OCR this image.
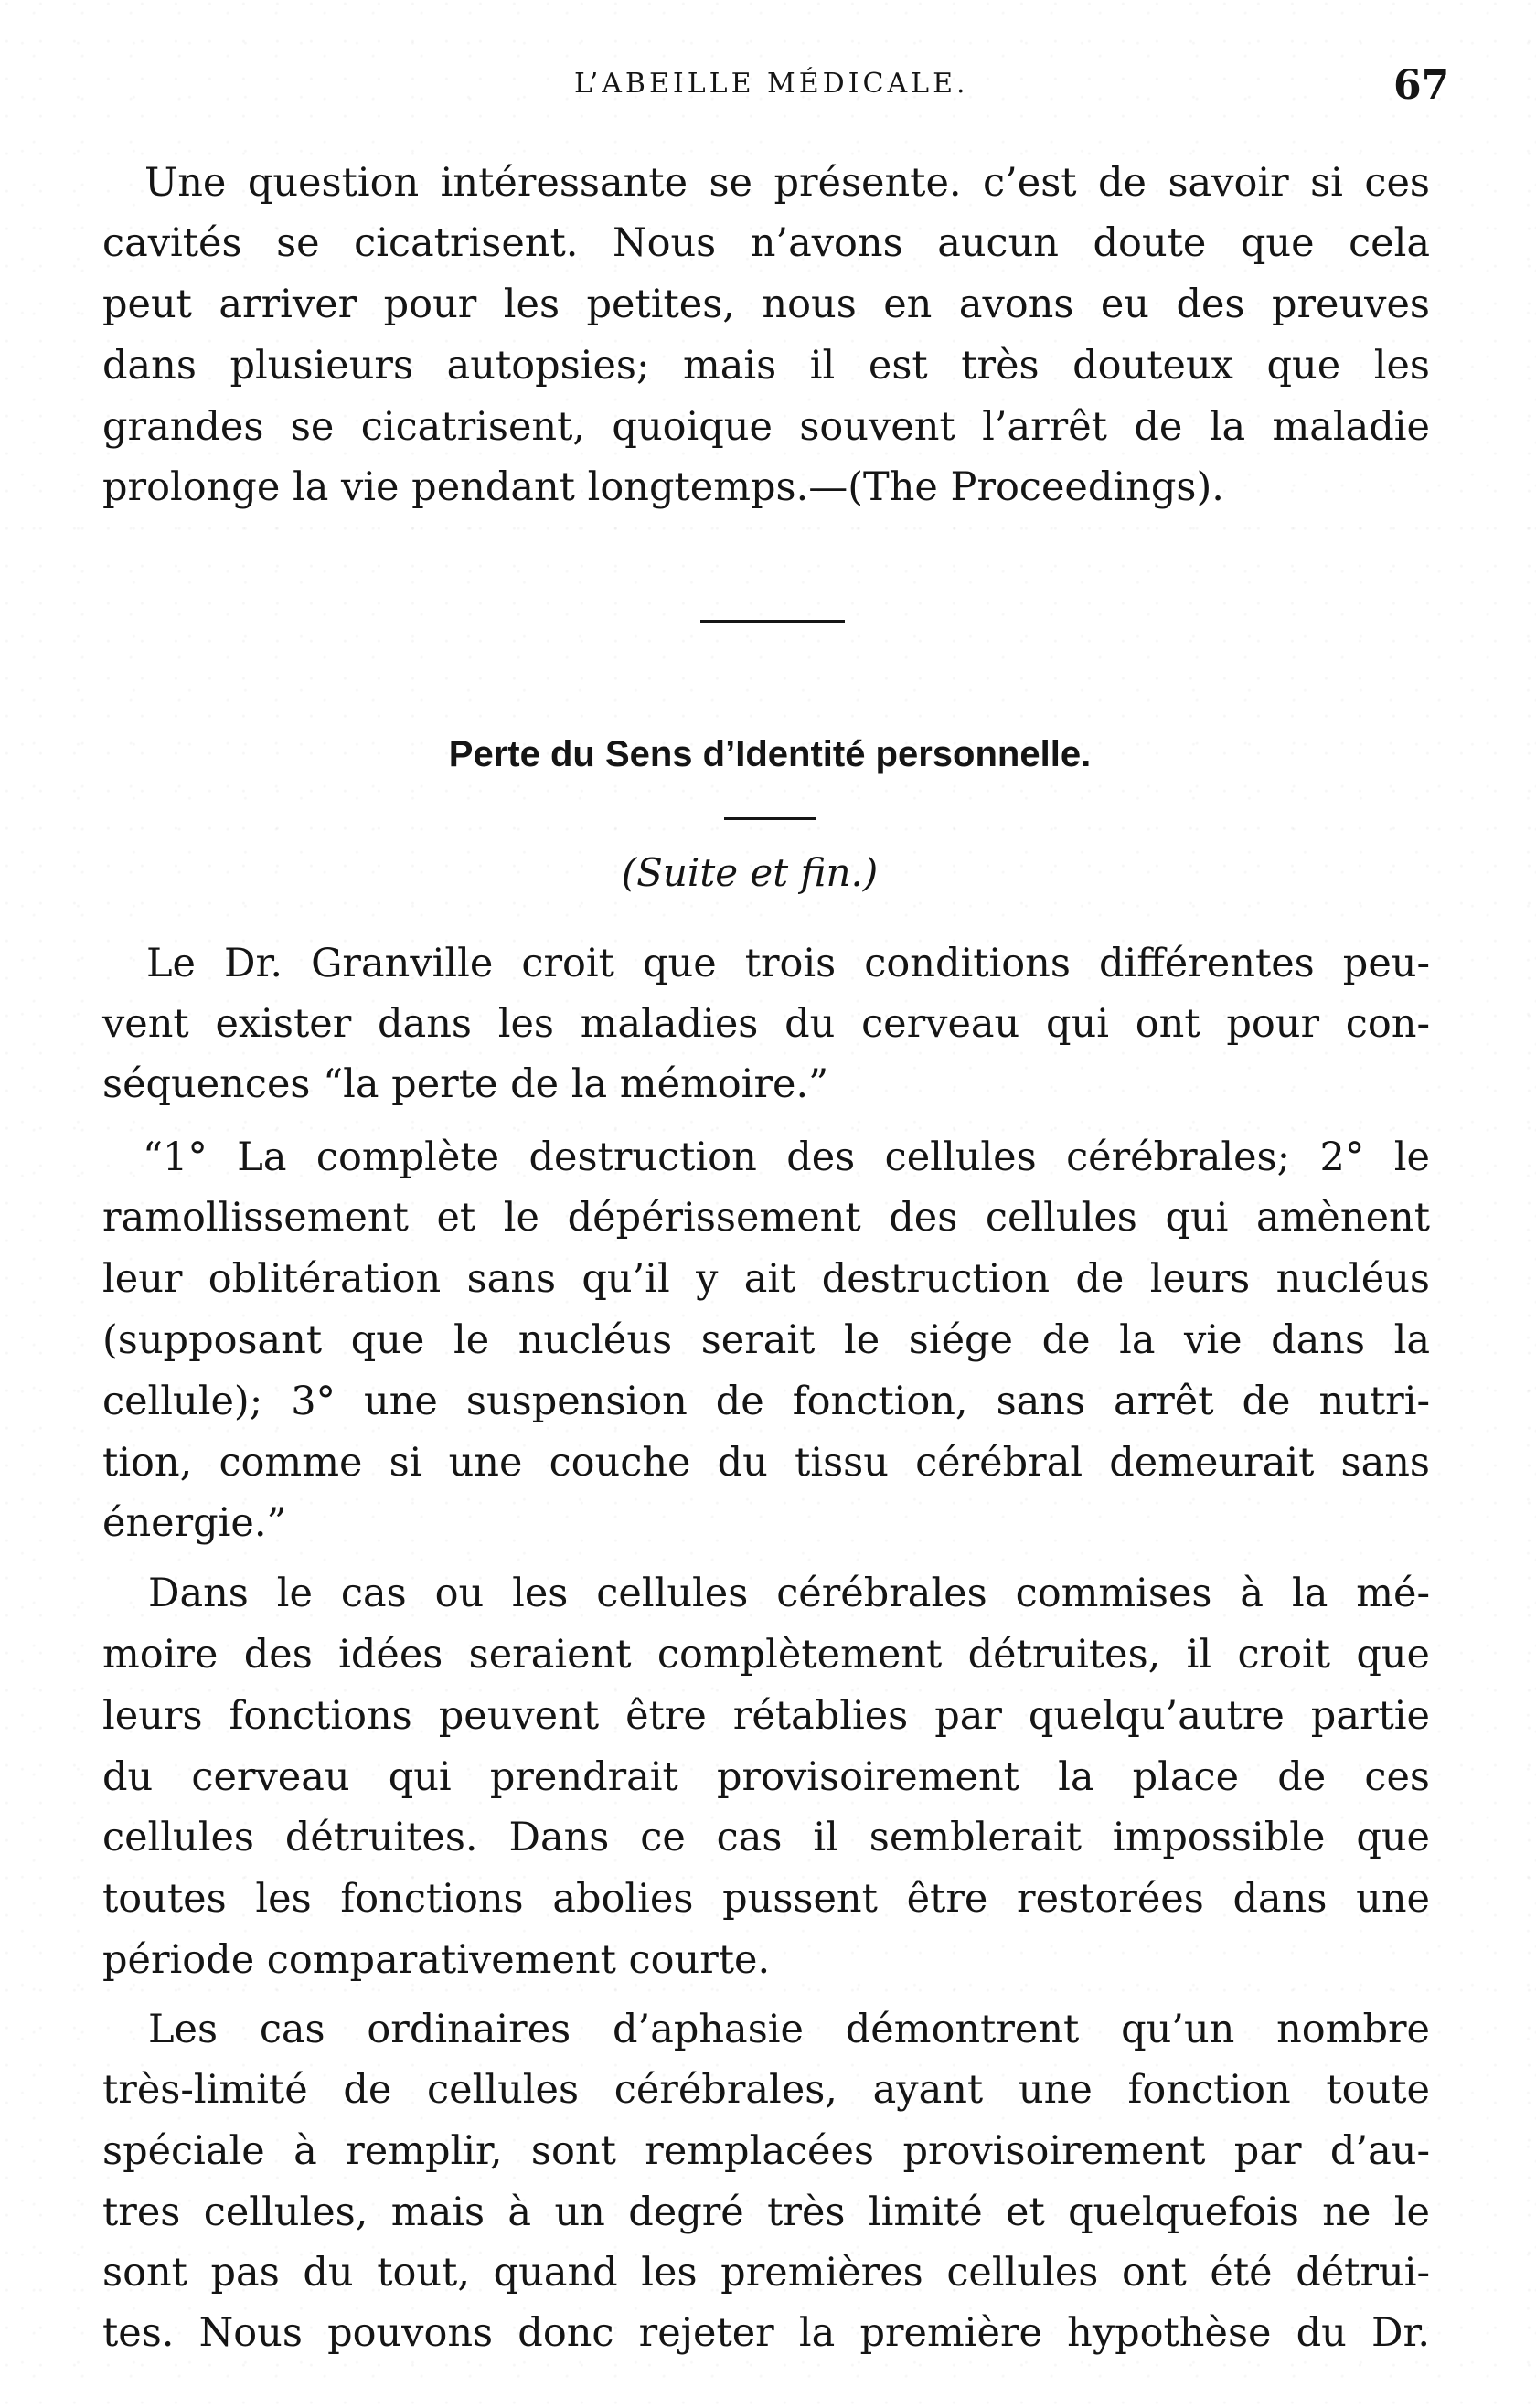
L’ABEILLE MÉDICALE.	67
Une question intéressante se présente. c’est de savoir si ces
cavités se cicatrisent. Nous n’avons aucun doute que cela
peut arriver pour les petites, nous en avons eu des preuves
dans plusieurs autopsies; mais il est très douteux que les
grandes se cicatrisent, quoique souvent l’arrêt de la maladie
prolonge la vie pendant longtemps.—(The Proceedings).
Perte du Sens d’Identité personnelle.
(Suite et fin.)
Le Dr. Granville croit que trois conditions différentes peu-
vent exister dans les maladies du cerveau qui ont pour con-
séquences “la perte de la mémoire.”
“1° La complète destruction des cellules cérébrales; 2° le
ramollissement et le dépérissement des cellules qui amènent
leur oblitération sans qu’il y ait destruction de leurs nucléus
(supposant que le nucléus serait le siége de la vie dans la
cellule); 3° une suspension de fonction, sans arrêt de nutri-
tion, comme si une couche du tissu cérébral demeurait sans
énergie.”
Dans le cas ou les cellules cérébrales commises à la mé-
moire des idées seraient complètement détruites, il croit que
leurs fonctions peuvent être rétablies par quelqu’autre partie
du cerveau qui prendrait provisoirement la place de ces
cellules détruites. Dans ce cas il semblerait impossible que
toutes les fonctions abolies pussent être restorées dans une
période comparativement courte.
Les cas ordinaires d’aphasie démontrent qu’un nombre
très-limité de cellules cérébrales, ayant une fonction toute
spéciale à remplir, sont remplacées provisoirement par d’au-
tres cellules, mais à un degré très limité et quelquefois ne le
sont pas du tout, quand les premières cellules ont été détrui-
tes. Nous pouvons donc rejeter la première hypothèse du Dr.
